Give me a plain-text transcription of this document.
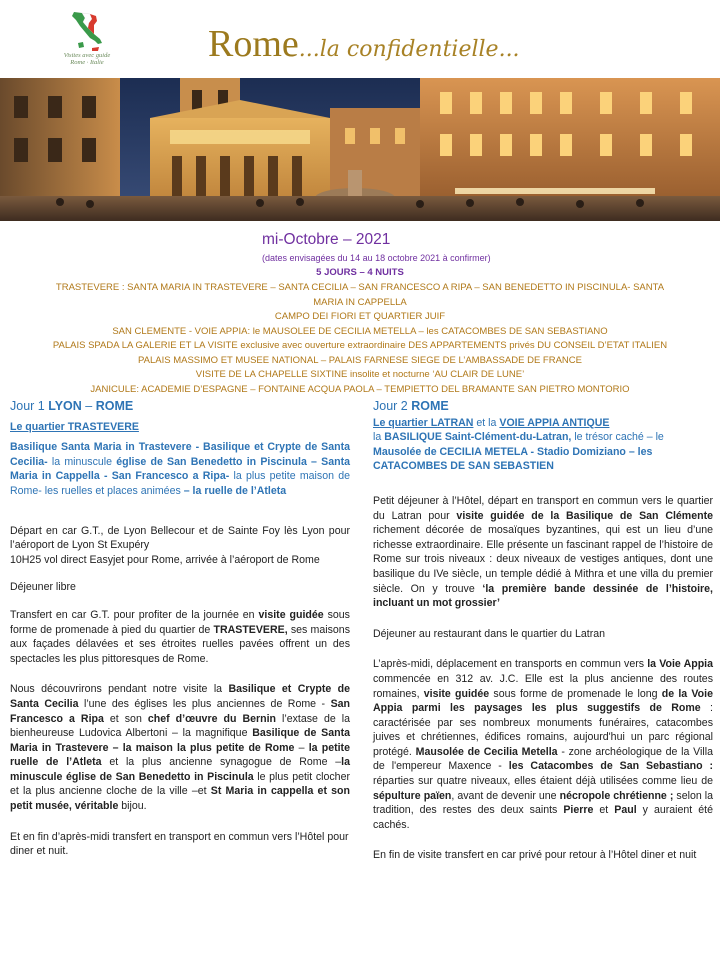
Visites avec guide
Rome · Italie	Rome...la confidentielle...
mi-Octobre – 2021
(dates envisagées du 14 au 18 octobre 2021 à confirmer)
5 JOURS – 4 NUITS
TRASTEVERE : SANTA MARIA IN TRASTEVERE – SANTA CECILIA – SAN FRANCESCO A RIPA – SAN BENEDETTO IN PISCINULA- SANTA MARIA IN CAPPELLA
CAMPO DEI FIORI ET QUARTIER JUIF
SAN CLEMENTE - VOIE APPIA: le MAUSOLEE DE CECILIA METELLA – les CATACOMBES DE SAN SEBASTIANO
PALAIS SPADA LA GALERIE ET LA VISITE exclusive avec ouverture extraordinaire DES APPARTEMENTS privés DU CONSEIL D’ETAT ITALIEN
PALAIS MASSIMO ET MUSEE NATIONAL – PALAIS FARNESE SIEGE DE L’AMBASSADE DE FRANCE
VISITE DE LA CHAPELLE SIXTINE insolite et nocturne ‘AU CLAIR DE LUNE’
JANICULE: ACADEMIE D’ESPAGNE – FONTAINE ACQUA PAOLA – TEMPIETTO DEL BRAMANTE SAN PIETRO MONTORIO
Jour 1 LYON – ROME
Le quartier TRASTEVERE
Basilique Santa Maria in Trastevere - Basilique et Crypte de Santa Cecilia- la minuscule église de San Benedetto in Piscinula – Santa Maria in Cappella - San Francesco a Ripa- la plus petite maison de Rome- les ruelles et places animées – la ruelle de l’Atleta
Départ en car G.T., de Lyon Bellecour et de Sainte Foy lès Lyon pour l’aéroport de Lyon St Exupéry
10H25 vol direct Easyjet pour Rome, arrivée à l’aéroport de Rome
Déjeuner libre
Transfert en car G.T. pour profiter de la journée en visite guidée sous forme de promenade à pied du quartier de TRASTEVERE, ses maisons aux façades délavées et ses étroites ruelles pavées offrent un des spectacles les plus pittoresques de Rome.
Nous découvrirons pendant notre visite la Basilique et Crypte de Santa Cecilia l’une des églises les plus anciennes de Rome - San Francesco a Ripa et son chef d’œuvre du Bernin l’extase de la bienheureuse Ludovica Albertoni – la magnifique Basilique de Santa Maria in Trastevere – la maison la plus petite de Rome – la petite ruelle de l’Atleta et la plus ancienne synagogue de Rome –la minuscule église de San Benedetto in Piscinula le plus petit clocher et la plus ancienne cloche de la ville –et St Maria in cappella et son petit musée, véritable bijou.
Et en fin d’après-midi transfert en transport en commun vers l’Hôtel pour diner et nuit.
Jour 2 ROME
Le quartier LATRAN et la VOIE APPIA ANTIQUE
la BASILIQUE Saint-Clément-du-Latran, le trésor caché – le Mausolée de CECILIA METELA - Stadio Domiziano – les CATACOMBES DE SAN SEBASTIEN
Petit déjeuner à l’Hôtel, départ en transport en commun vers le quartier du Latran pour visite guidée de la Basilique de San Clémente richement décorée de mosaïques byzantines, qui est un lieu d’une richesse extraordinaire. Elle présente un fascinant rappel de l’histoire de Rome sur trois niveaux : deux niveaux de vestiges antiques, dont une basilique du IVe siècle, un temple dédié à Mithra et une villa du premier siècle. On y trouve ‘la première bande dessinée de l’histoire, incluant un mot grossier’
Déjeuner au restaurant dans le quartier du Latran
L’après-midi, déplacement en transports en commun vers la Voie Appia commencée en 312 av. J.C. Elle est la plus ancienne des routes romaines, visite guidée sous forme de promenade le long de la Voie Appia parmi les paysages les plus suggestifs de Rome : caractérisée par ses nombreux monuments funéraires, catacombes juives et chrétiennes, édifices romains, aujourd'hui un parc régional protégé. Mausolée de Cecilia Metella - zone archéologique de la Villa de l'empereur Maxence - les Catacombes de San Sebastiano : réparties sur quatre niveaux, elles étaient déjà utilisées comme lieu de sépulture païen, avant de devenir une nécropole chrétienne ; selon la tradition, des restes des deux saints Pierre et Paul y auraient été cachés.
En fin de visite transfert en car privé pour retour à l’Hôtel diner et nuit
